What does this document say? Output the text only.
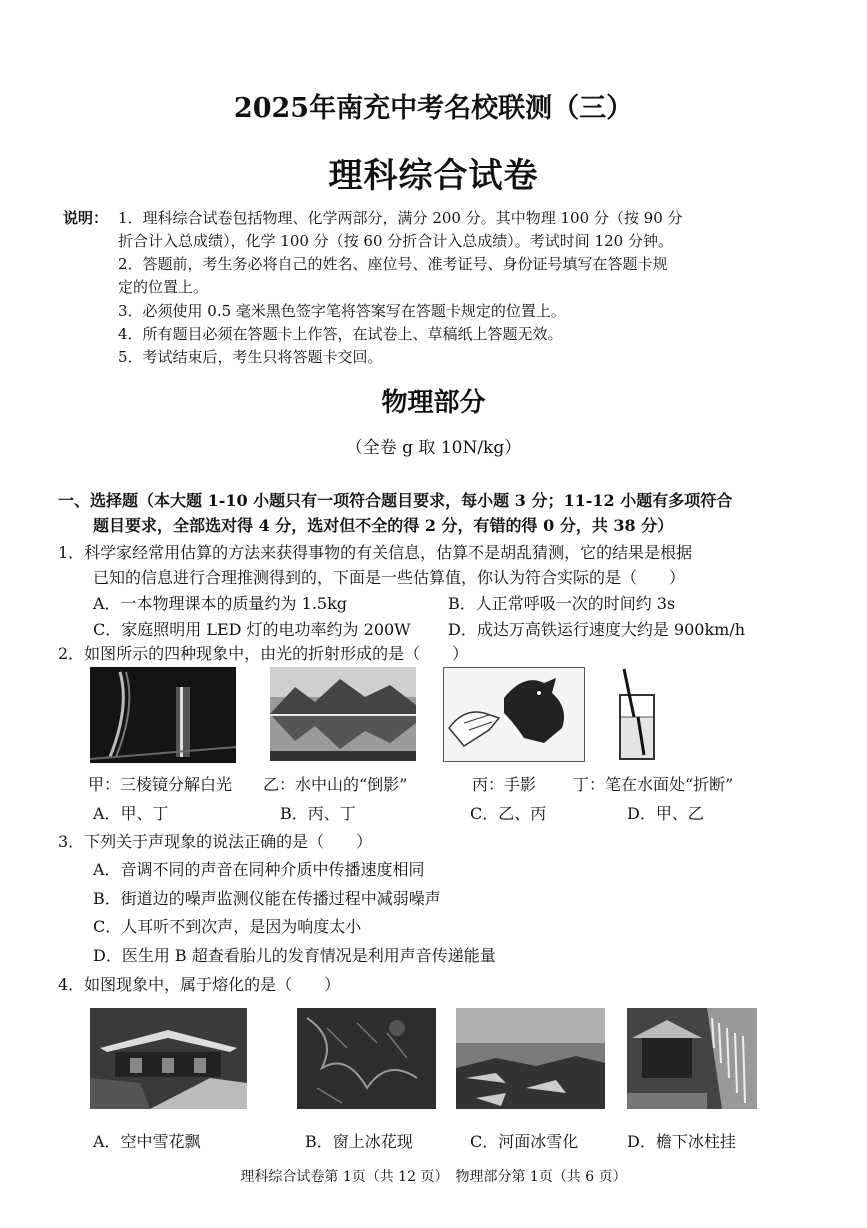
2025年南充中考名校联测（三）
理科综合试卷
说明： 1．理科综合试卷包括物理、化学两部分，满分 200 分。其中物理 100 分（按 90 分
折合计入总成绩），化学 100 分（按 60 分折合计入总成绩）。考试时间 120 分钟。
2．答题前，考生务必将自己的姓名、座位号、准考证号、身份证号填写在答题卡规
定的位置上。
3．必须使用 0.5 毫米黑色签字笔将答案写在答题卡规定的位置上。
4．所有题目必须在答题卡上作答，在试卷上、草稿纸上答题无效。
5．考试结束后，考生只将答题卡交回。
物理部分
（全卷 g 取 10N/kg）
一、选择题（本大题 1-10 小题只有一项符合题目要求，每小题 3 分；11-12 小题有多项符合
题目要求，全部选对得 4 分，选对但不全的得 2 分，有错的得 0 分，共 38 分）
1．科学家经常用估算的方法来获得事物的有关信息，估算不是胡乱猜测，它的结果是根据
已知的信息进行合理推测得到的，下面是一些估算值，你认为符合实际的是（　　）
A．一本物理课本的质量约为 1.5kg	B．人正常呼吸一次的时间约 3s
C．家庭照明用 LED 灯的电功率约为 200W D．成达万高铁运行速度大约是 900km/h
2．如图所示的四种现象中，由光的折射形成的是（　　）
甲：三棱镜分解白光 乙：水中山的“倒影”	丙：手影 丁：笔在水面处“折断”
A．甲、丁	B．丙、丁	C．乙、丙	D．甲、乙
3．下列关于声现象的说法正确的是（　　）
A．音调不同的声音在同种介质中传播速度相同
B．街道边的噪声监测仪能在传播过程中减弱噪声
C．人耳听不到次声，是因为响度太小
D．医生用 B 超查看胎儿的发育情况是利用声音传递能量
4．如图现象中，属于熔化的是（　　）
A．空中雪花飘	B．窗上冰花现	C．河面冰雪化	D．檐下冰柱挂
理科综合试卷第 1页（共 12 页）　物理部分第 1页（共 6 页）
